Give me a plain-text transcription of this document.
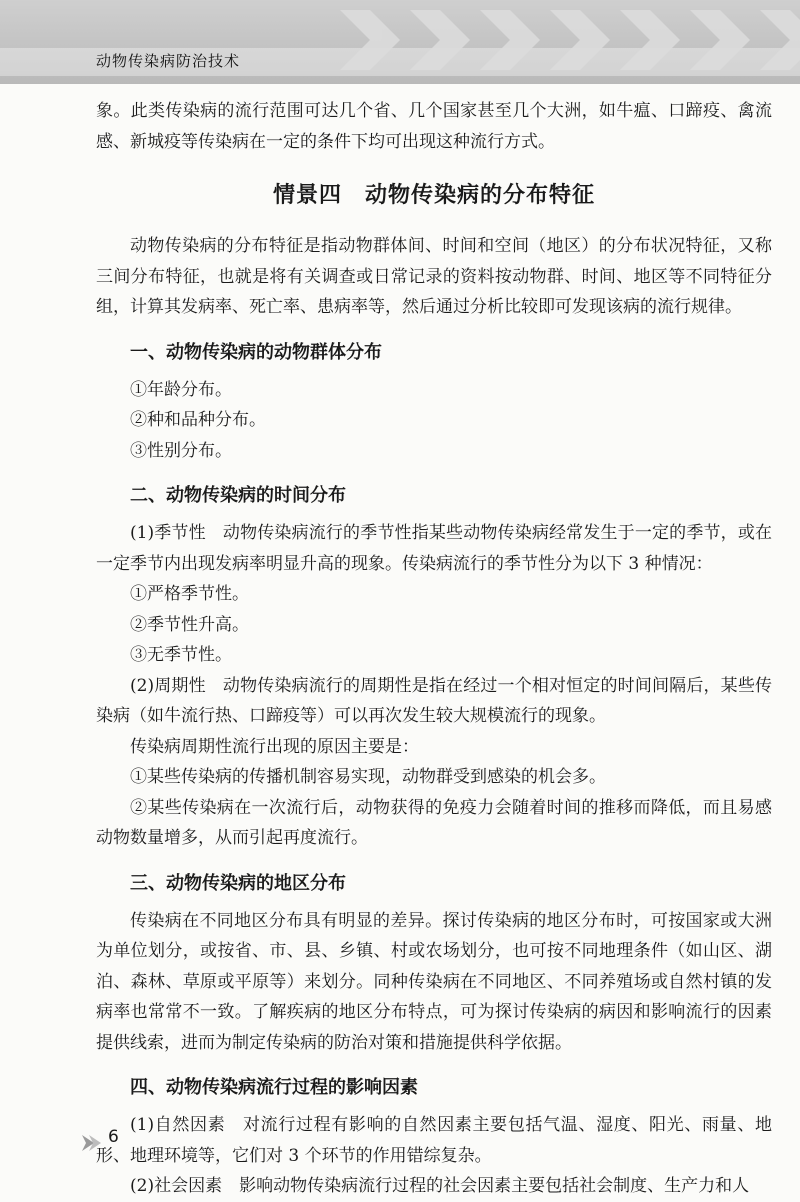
动物传染病防治技术

象。此类传染病的流行范围可达几个省、几个国家甚至几个大洲，如牛瘟、口蹄疫、禽流感、新城疫等传染病在一定的条件下均可出现这种流行方式。

情景四　动物传染病的分布特征

动物传染病的分布特征是指动物群体间、时间和空间（地区）的分布状况特征，又称三间分布特征，也就是将有关调查或日常记录的资料按动物群、时间、地区等不同特征分组，计算其发病率、死亡率、患病率等，然后通过分析比较即可发现该病的流行规律。

一、动物传染病的动物群体分布

①年龄分布。

②种和品种分布。

③性别分布。

二、动物传染病的时间分布

(1)季节性　动物传染病流行的季节性指某些动物传染病经常发生于一定的季节，或在一定季节内出现发病率明显升高的现象。传染病流行的季节性分为以下 3 种情况：

①严格季节性。

②季节性升高。

③无季节性。

(2)周期性　动物传染病流行的周期性是指在经过一个相对恒定的时间间隔后，某些传染病（如牛流行热、口蹄疫等）可以再次发生较大规模流行的现象。

传染病周期性流行出现的原因主要是：

①某些传染病的传播机制容易实现，动物群受到感染的机会多。

②某些传染病在一次流行后，动物获得的免疫力会随着时间的推移而降低，而且易感动物数量增多，从而引起再度流行。

三、动物传染病的地区分布

传染病在不同地区分布具有明显的差异。探讨传染病的地区分布时，可按国家或大洲为单位划分，或按省、市、县、乡镇、村或农场划分，也可按不同地理条件（如山区、湖泊、森林、草原或平原等）来划分。同种传染病在不同地区、不同养殖场或自然村镇的发病率也常常不一致。了解疾病的地区分布特点，可为探讨传染病的病因和影响流行的因素提供线索，进而为制定传染病的防治对策和措施提供科学依据。

四、动物传染病流行过程的影响因素

(1)自然因素　对流行过程有影响的自然因素主要包括气温、湿度、阳光、雨量、地形、地理环境等，它们对 3 个环节的作用错综复杂。

(2)社会因素　影响动物传染病流行过程的社会因素主要包括社会制度、生产力和人

6
